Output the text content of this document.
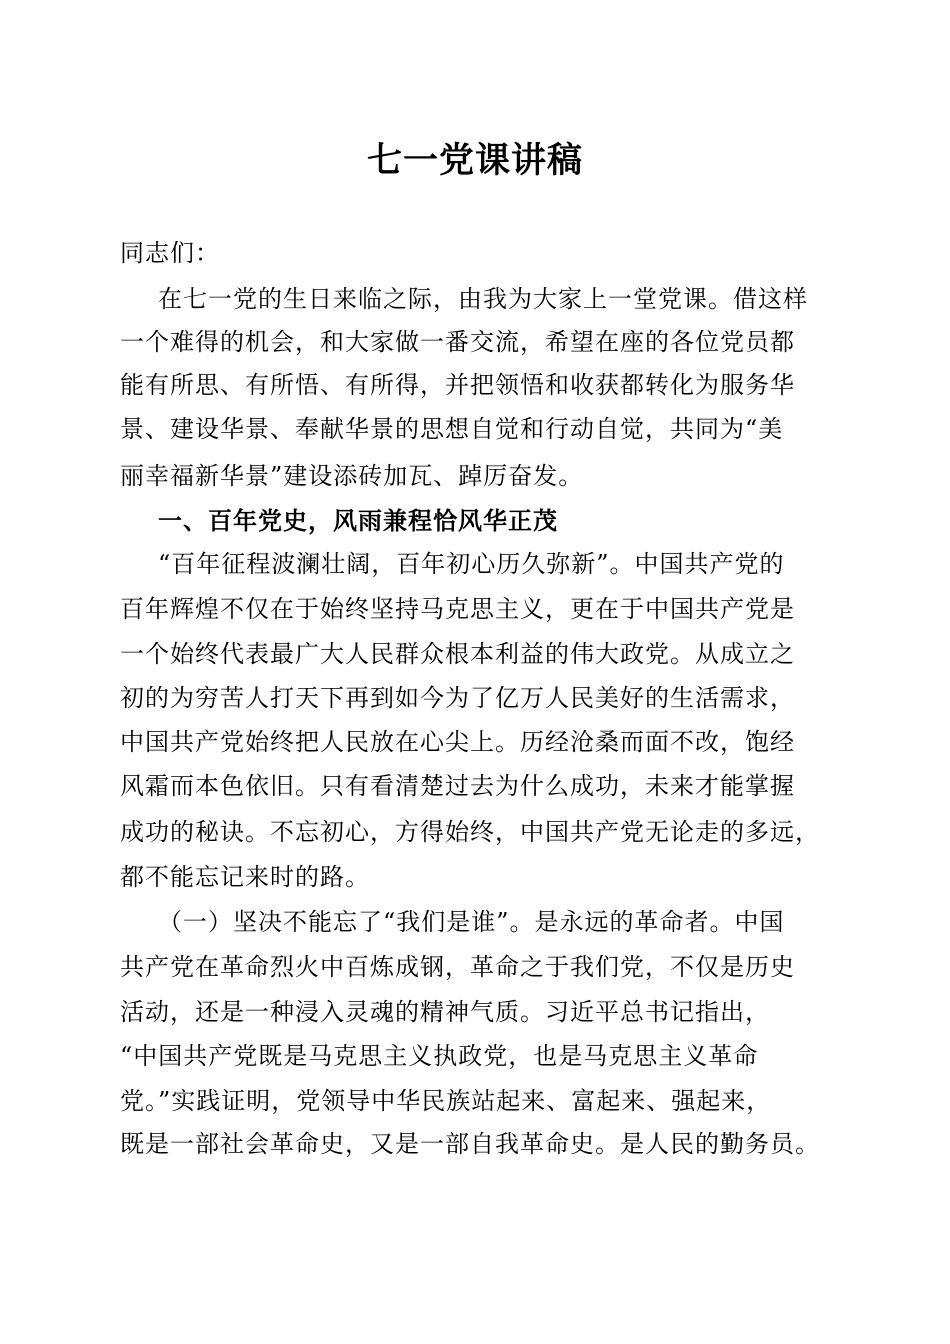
七一党课讲稿
同志们：
在七一党的生日来临之际，由我为大家上一堂党课。借这样
一个难得的机会，和大家做一番交流，希望在座的各位党员都
能有所思、有所悟、有所得，并把领悟和收获都转化为服务华
景、建设华景、奉献华景的思想自觉和行动自觉，共同为“美
丽幸福新华景”建设添砖加瓦、踔厉奋发。
一、百年党史，风雨兼程恰风华正茂
“百年征程波澜壮阔，百年初心历久弥新”。中国共产党的
百年辉煌不仅在于始终坚持马克思主义，更在于中国共产党是
一个始终代表最广大人民群众根本利益的伟大政党。从成立之
初的为穷苦人打天下再到如今为了亿万人民美好的生活需求，
中国共产党始终把人民放在心尖上。历经沧桑而面不改，饱经
风霜而本色依旧。只有看清楚过去为什么成功，未来才能掌握
成功的秘诀。不忘初心，方得始终，中国共产党无论走的多远，
都不能忘记来时的路。
（一）坚决不能忘了“我们是谁”。是永远的革命者。中国
共产党在革命烈火中百炼成钢，革命之于我们党，不仅是历史
活动，还是一种浸入灵魂的精神气质。习近平总书记指出，
“中国共产党既是马克思主义执政党，也是马克思主义革命
党。”实践证明，党领导中华民族站起来、富起来、强起来，
既是一部社会革命史，又是一部自我革命史。是人民的勤务员。
